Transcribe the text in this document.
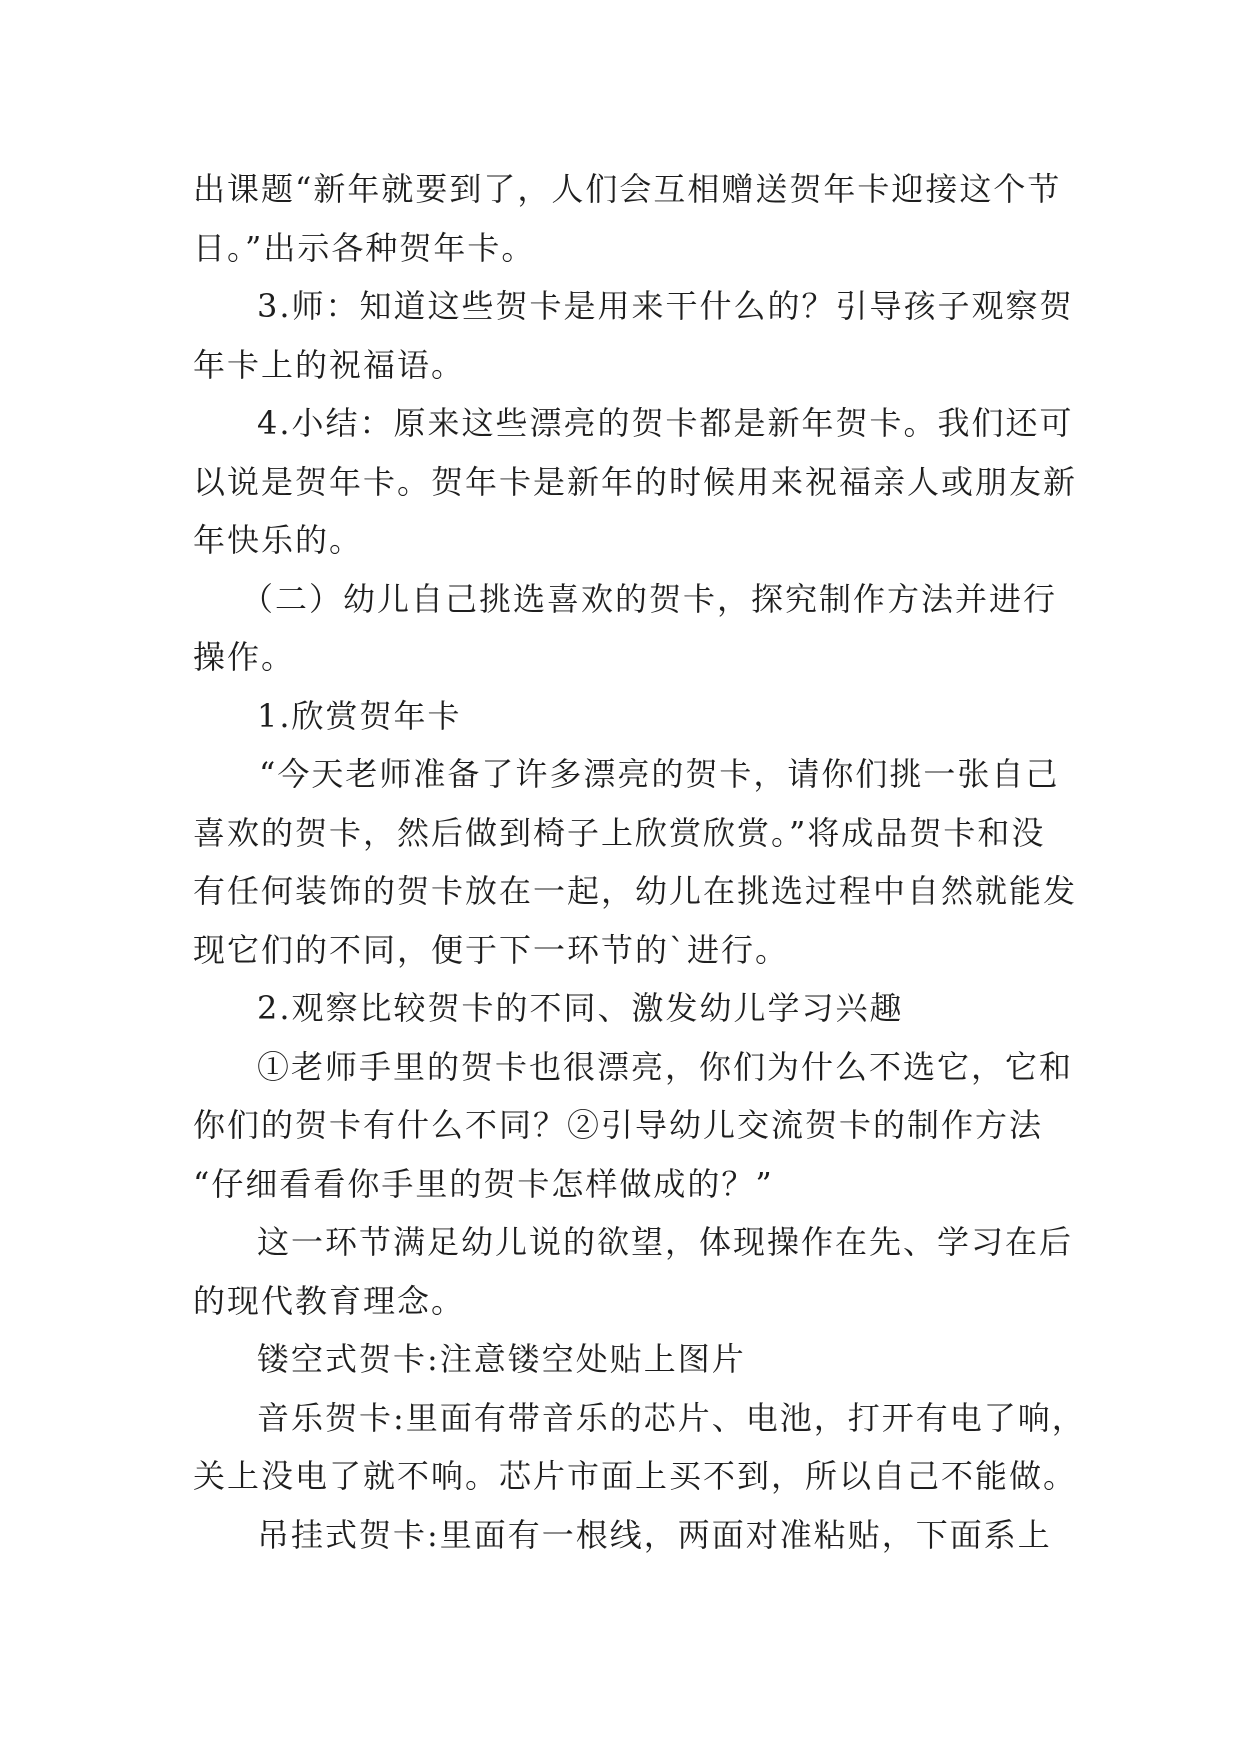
出课题“新年就要到了，人们会互相赠送贺年卡迎接这个节
日。”出示各种贺年卡。
3.师：知道这些贺卡是用来干什么的？引导孩子观察贺
年卡上的祝福语。
4.小结：原来这些漂亮的贺卡都是新年贺卡。我们还可
以说是贺年卡。贺年卡是新年的时候用来祝福亲人或朋友新
年快乐的。
（二）幼儿自己挑选喜欢的贺卡，探究制作方法并进行
操作。
1.欣赏贺年卡
“今天老师准备了许多漂亮的贺卡，请你们挑一张自己
喜欢的贺卡，然后做到椅子上欣赏欣赏。”将成品贺卡和没
有任何装饰的贺卡放在一起，幼儿在挑选过程中自然就能发
现它们的不同，便于下一环节的`进行。
2.观察比较贺卡的不同、激发幼儿学习兴趣
①老师手里的贺卡也很漂亮，你们为什么不选它，它和
你们的贺卡有什么不同？②引导幼儿交流贺卡的制作方法
“仔细看看你手里的贺卡怎样做成的？”
这一环节满足幼儿说的欲望，体现操作在先、学习在后
的现代教育理念。
镂空式贺卡:注意镂空处贴上图片
音乐贺卡:里面有带音乐的芯片、电池，打开有电了响，
关上没电了就不响。芯片市面上买不到，所以自己不能做。
吊挂式贺卡:里面有一根线，两面对准粘贴，下面系上
